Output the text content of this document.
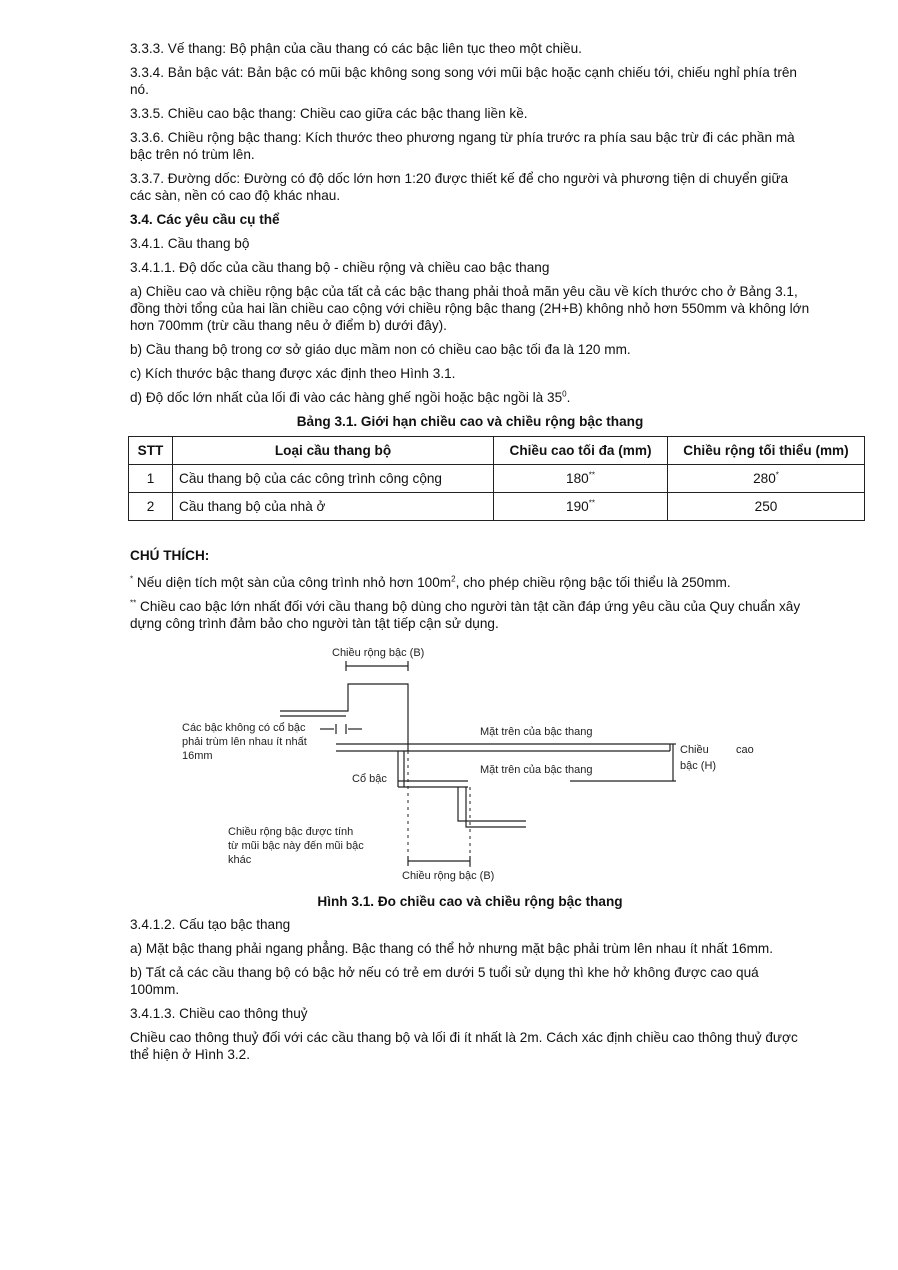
3.3.3. Vế thang: Bộ phận của cầu thang có các bậc liên tục theo một chiều.

3.3.4. Bản bậc vát: Bản bậc có mũi bậc không song song với mũi bậc hoặc cạnh chiếu tới, chiếu nghỉ phía trên nó.

3.3.5. Chiều cao bậc thang: Chiều cao giữa các bậc thang liền kề.

3.3.6. Chiều rộng bậc thang: Kích thước theo phương ngang từ phía trước ra phía sau bậc trừ đi các phần mà bậc trên nó trùm lên.

3.3.7. Đường dốc: Đường có độ dốc lớn hơn 1:20 được thiết kế để cho người và phương tiện di chuyển giữa các sàn, nền có cao độ khác nhau.

3.4. Các yêu cầu cụ thể

3.4.1. Cầu thang bộ

3.4.1.1. Độ dốc của cầu thang bộ - chiều rộng và chiều cao bậc thang

a) Chiều cao và chiều rộng bậc của tất cả các bậc thang phải thoả mãn yêu cầu về kích thước cho ở Bảng 3.1, đồng thời tổng của hai lần chiều cao cộng với chiều rộng bậc thang (2H+B) không nhỏ hơn 550mm và không lớn hơn 700mm (trừ cầu thang nêu ở điểm b) dưới đây).

b) Cầu thang bộ trong cơ sở giáo dục mầm non có chiều cao bậc tối đa là 120 mm.

c) Kích thước bậc thang được xác định theo Hình 3.1.

d) Độ dốc lớn nhất của lối đi vào các hàng ghế ngồi hoặc bậc ngồi là $35^0$.

Bảng 3.1. Giới hạn chiều cao và chiều rộng bậc thang

STT	Loại cầu thang bộ	Chiều cao tối đa (mm)	Chiều rộng tối thiểu (mm)
1	Cầu thang bộ của các công trình công cộng	180**	280*
2	Cầu thang bộ của nhà ở	190**	250

CHÚ THÍCH:

* Nếu diện tích một sàn của công trình nhỏ hơn $100m^2$, cho phép chiều rộng bậc tối thiểu là 250mm.

** Chiều cao bậc lớn nhất đối với cầu thang bộ dùng cho người tàn tật cần đáp ứng yêu cầu của Quy chuẩn xây dựng công trình đảm bảo cho người tàn tật tiếp cận sử dụng.

Chiều rộng bậc (B)
Các bậc không có cổ bậc
phải trùm lên nhau ít nhất
16mm
Mặt trên của bậc thang
Mặt trên của bậc thang
Cổ bậc
Chiều cao
bậc (H)
Chiều rộng bậc được tính
từ mũi bậc này đến mũi bậc
khác
Chiều rộng bậc (B)

Hình 3.1. Đo chiều cao và chiều rộng bậc thang

3.4.1.2. Cấu tạo bậc thang

a) Mặt bậc thang phải ngang phẳng. Bậc thang có thể hở nhưng mặt bậc phải trùm lên nhau ít nhất 16mm.

b) Tất cả các cầu thang bộ có bậc hở nếu có trẻ em dưới 5 tuổi sử dụng thì khe hở không được cao quá 100mm.

3.4.1.3. Chiều cao thông thuỷ

Chiều cao thông thuỷ đối với các cầu thang bộ và lối đi ít nhất là 2m. Cách xác định chiều cao thông thuỷ được thể hiện ở Hình 3.2.
